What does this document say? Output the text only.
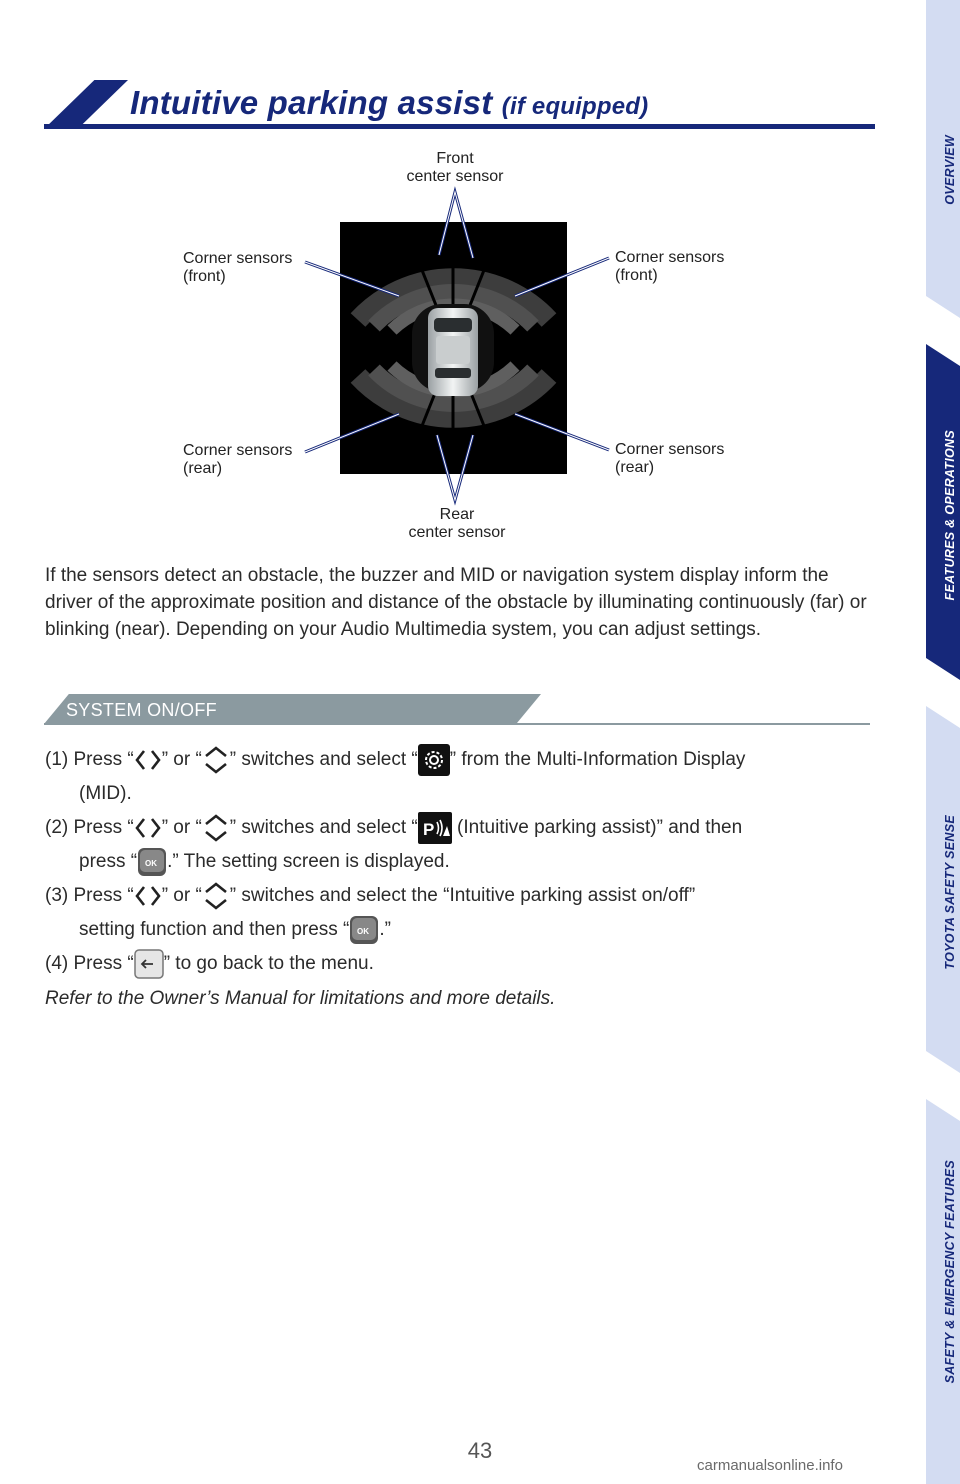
Intuitive parking assist (if equipped)
OVERVIEW
FEATURES & OPERATIONS
TOYOTA SAFETY SENSE
SAFETY & EMERGENCY FEATURES
Front
center sensor
Corner sensors
(front)
Corner sensors
(front)
Corner sensors
(rear)
Corner sensors
(rear)
Rear
center sensor
If the sensors detect an obstacle, the buzzer and MID or navigation system display inform the driver of the approximate position and distance of the obstacle by illuminating continuously (far) or blinking (near). Depending on your Audio Multimedia system, you can adjust settings.
SYSTEM ON/OFF
(1) Press “ ” or “ ” switches and select “ ” from the Multi-Information Display
(MID).
(2) Press “ ” or “ ” switches and select “ P (Intuitive parking assist)” and then
press “ OK .” The setting screen is displayed.
(3) Press “ ” or “ ” switches and select the “Intuitive parking assist on/off”
setting function and then press “ OK .”
(4) Press “ ” to go back to the menu.
Refer to the Owner’s Manual for limitations and more details.
43
carmanualsonline.info
